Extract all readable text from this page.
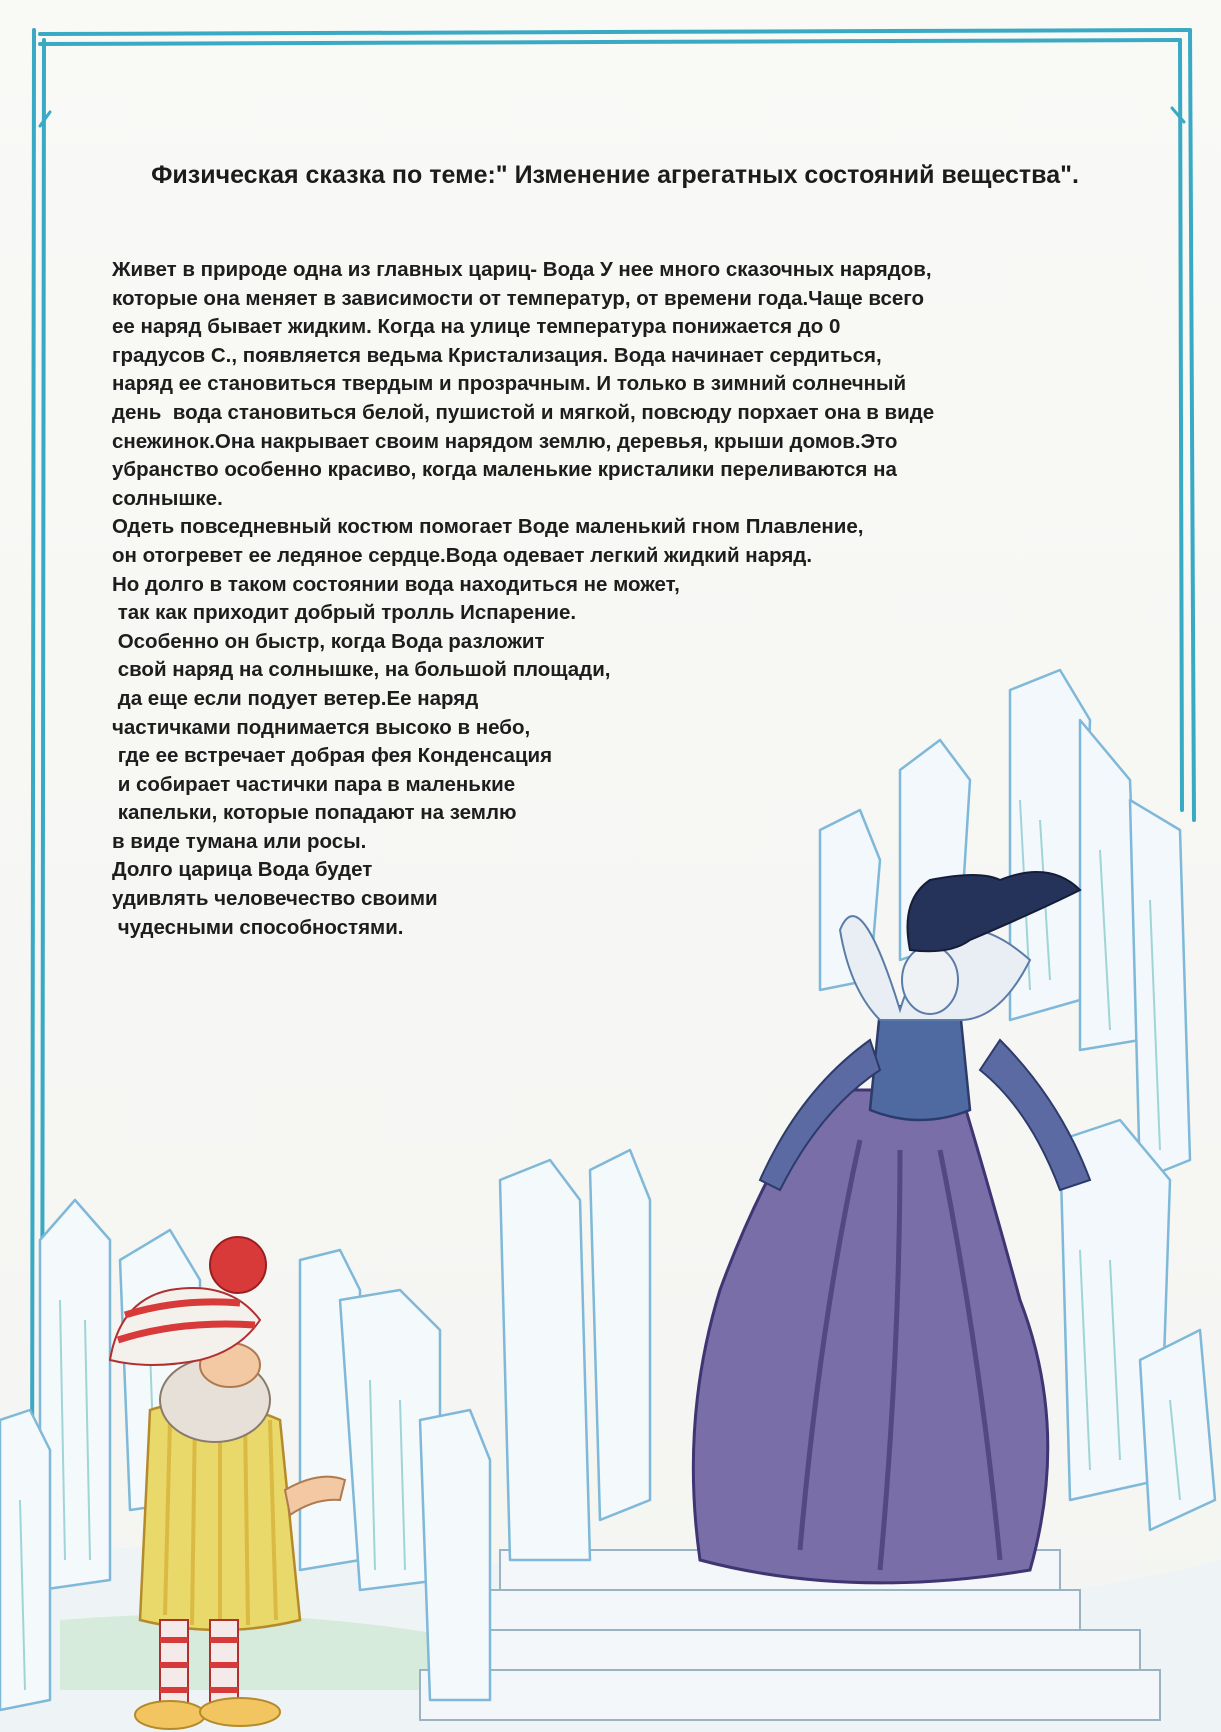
Физическая сказка по теме:" Изменение агрегатных состояний вещества".
Живет в природе одна из главных цариц- Вода У нее много сказочных нарядов,
которые она меняет в зависимости от температур, от времени года.Чаще всего
ее наряд бывает жидким. Когда на улице температура понижается до 0
градусов С., появляется ведьма Кристализация. Вода начинает сердиться,
наряд ее становиться твердым и прозрачным. И только в зимний солнечный
день  вода становиться белой, пушистой и мягкой, повсюду порхает она в виде
снежинок.Она накрывает своим нарядом землю, деревья, крыши домов.Это
убранство особенно красиво, когда маленькие кристалики переливаются на
солнышке.
Одеть повседневный костюм помогает Воде маленький гном Плавление,
он отогревет ее ледяное сердце.Вода одевает легкий жидкий наряд.
Но долго в таком состоянии вода находиться не может,
так как приходит добрый тролль Испарение.
Особенно он быстр, когда Вода разложит
свой наряд на солнышке, на большой площади,
да еще если подует ветер.Ее наряд
частичками поднимается высоко в небо,
где ее встречает добрая фея Конденсация
и собирает частички пара в маленькие
капельки, которые попадают на землю
в виде тумана или росы.
Долго царица Вода будет
удивлять человечество своими
чудесными способностями.
